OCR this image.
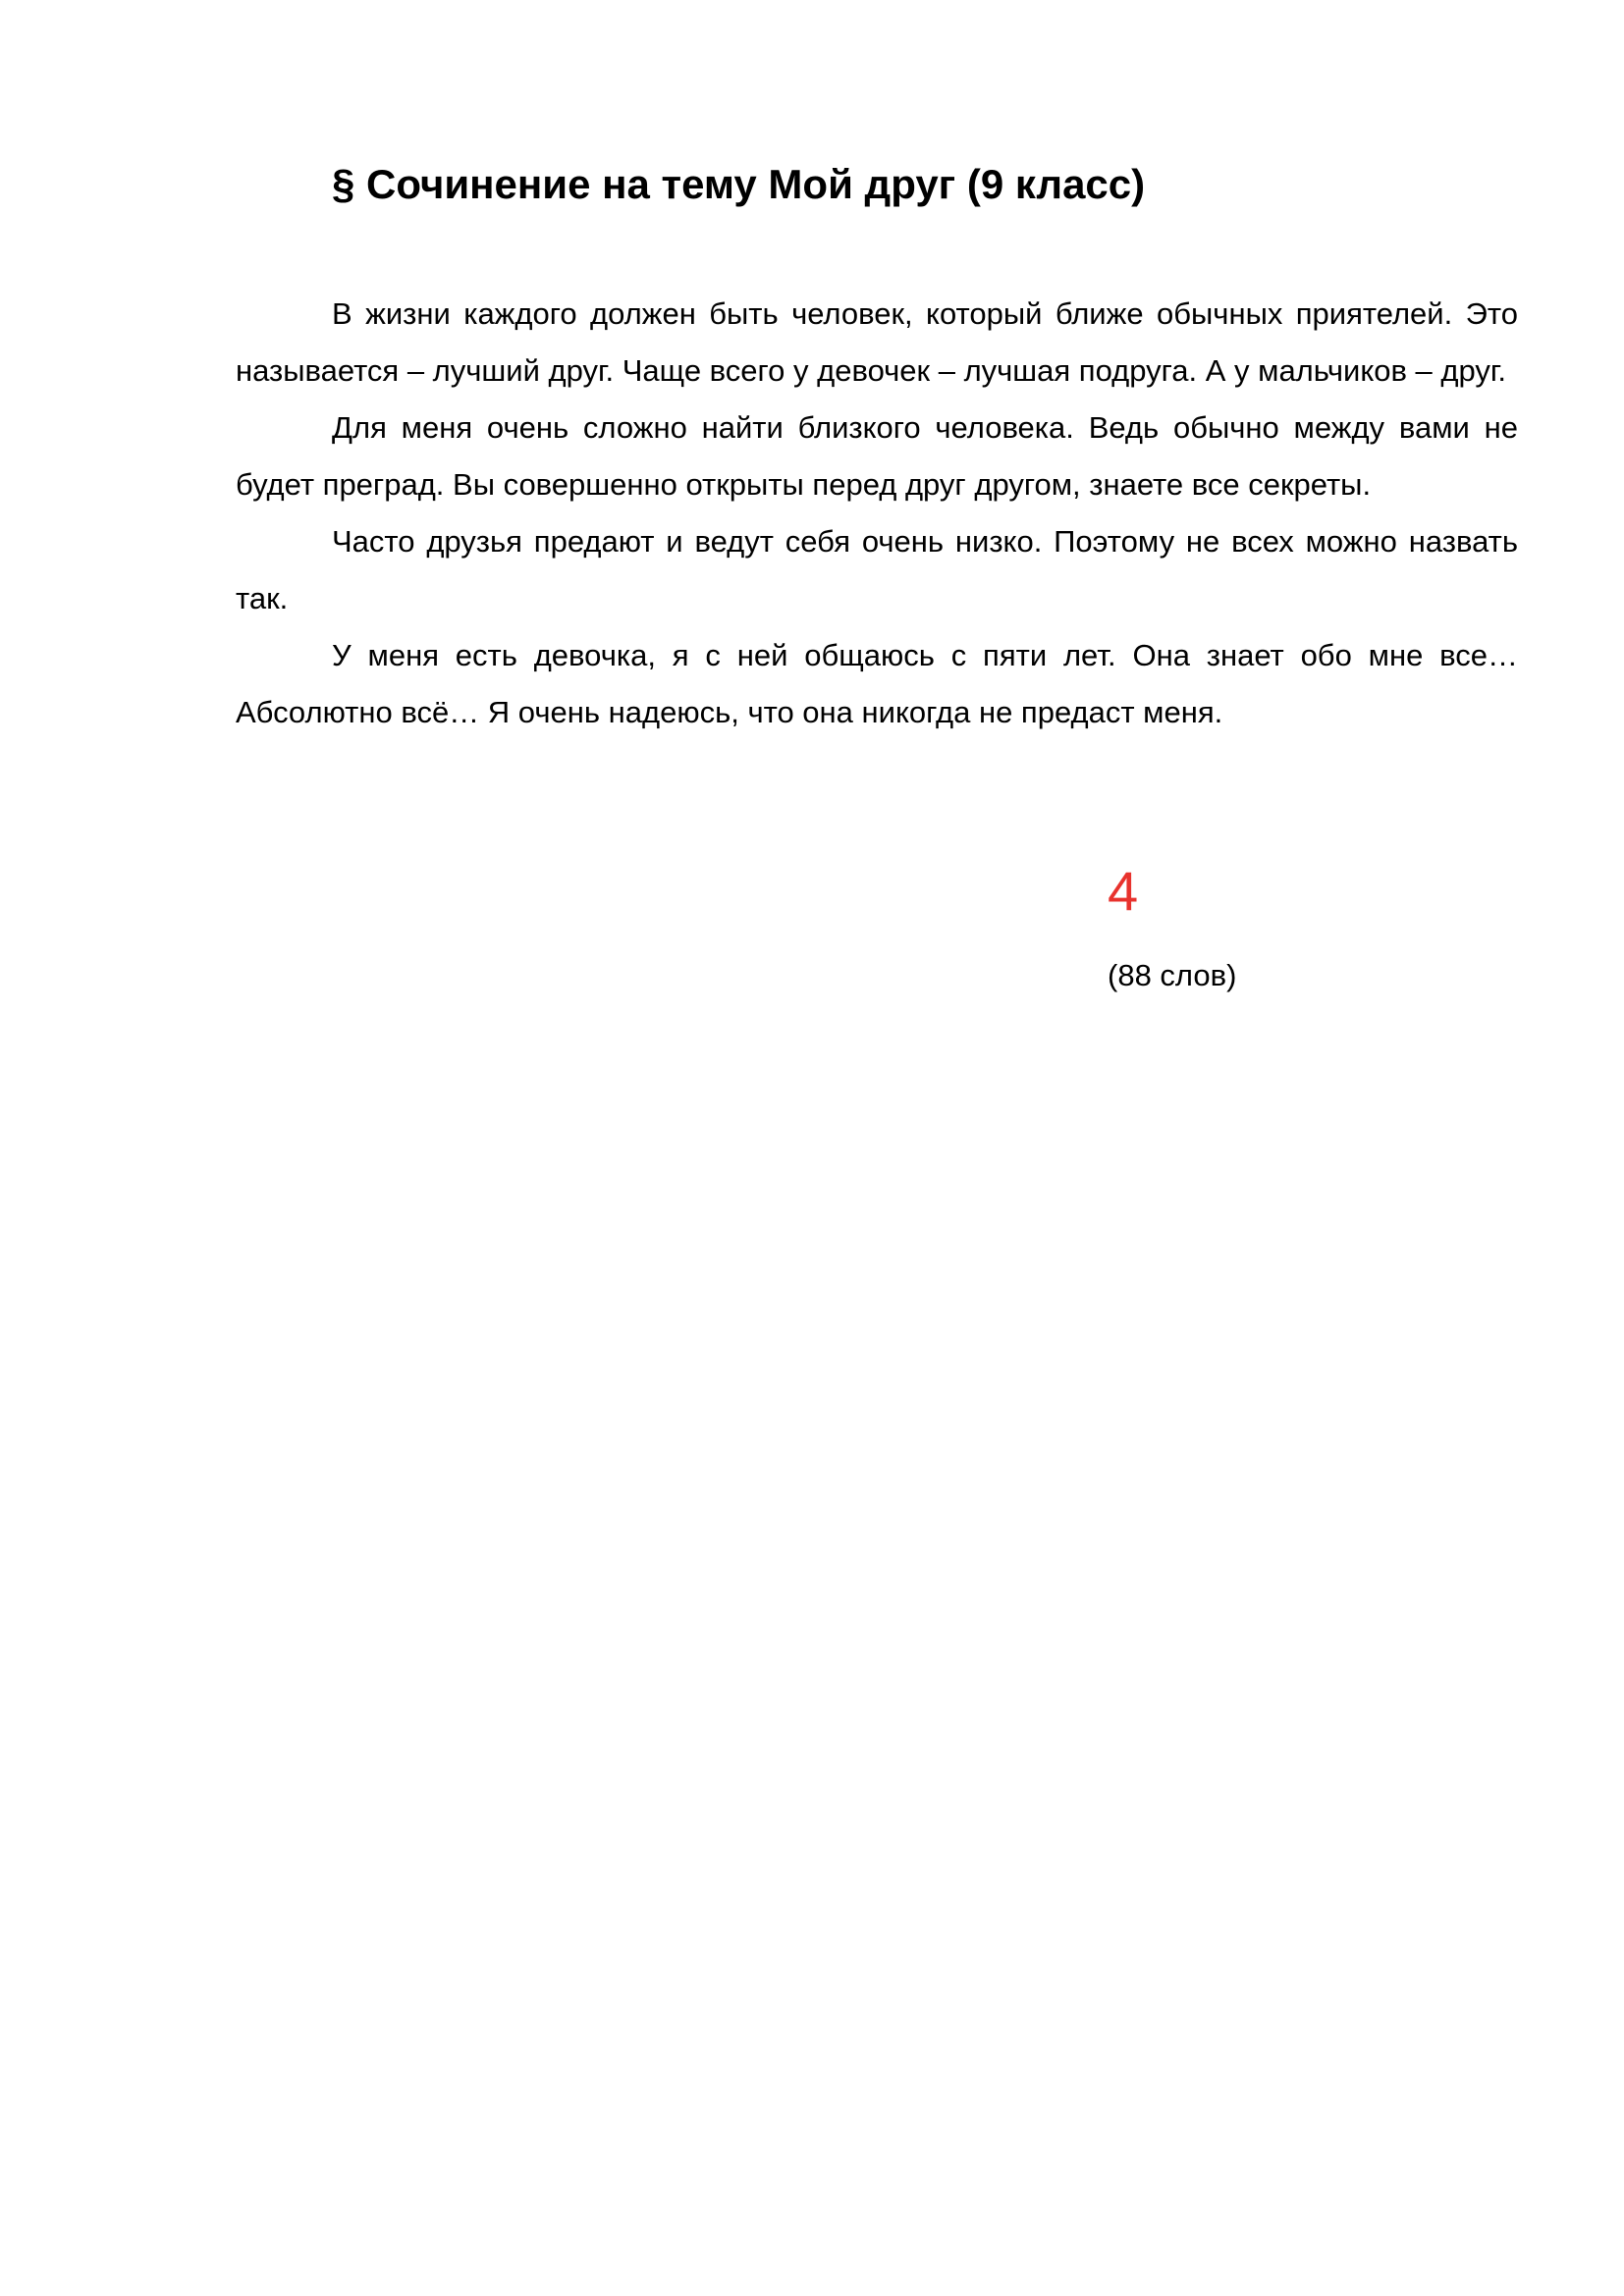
§ Сочинение на тему Мой друг (9 класс)

В жизни каждого должен быть человек, который ближе обычных приятелей. Это называется – лучший друг. Чаще всего у девочек – лучшая подруга. А у мальчиков – друг.

Для меня очень сложно найти близкого человека. Ведь обычно между вами не будет преград. Вы совершенно открыты перед друг другом, знаете все секреты.

Часто друзья предают и ведут себя очень низко. Поэтому не всех можно назвать так.

У меня есть девочка, я с ней общаюсь с пяти лет. Она знает обо мне все… Абсолютно всё… Я очень надеюсь, что она никогда не предаст меня.

4
(88 слов)
